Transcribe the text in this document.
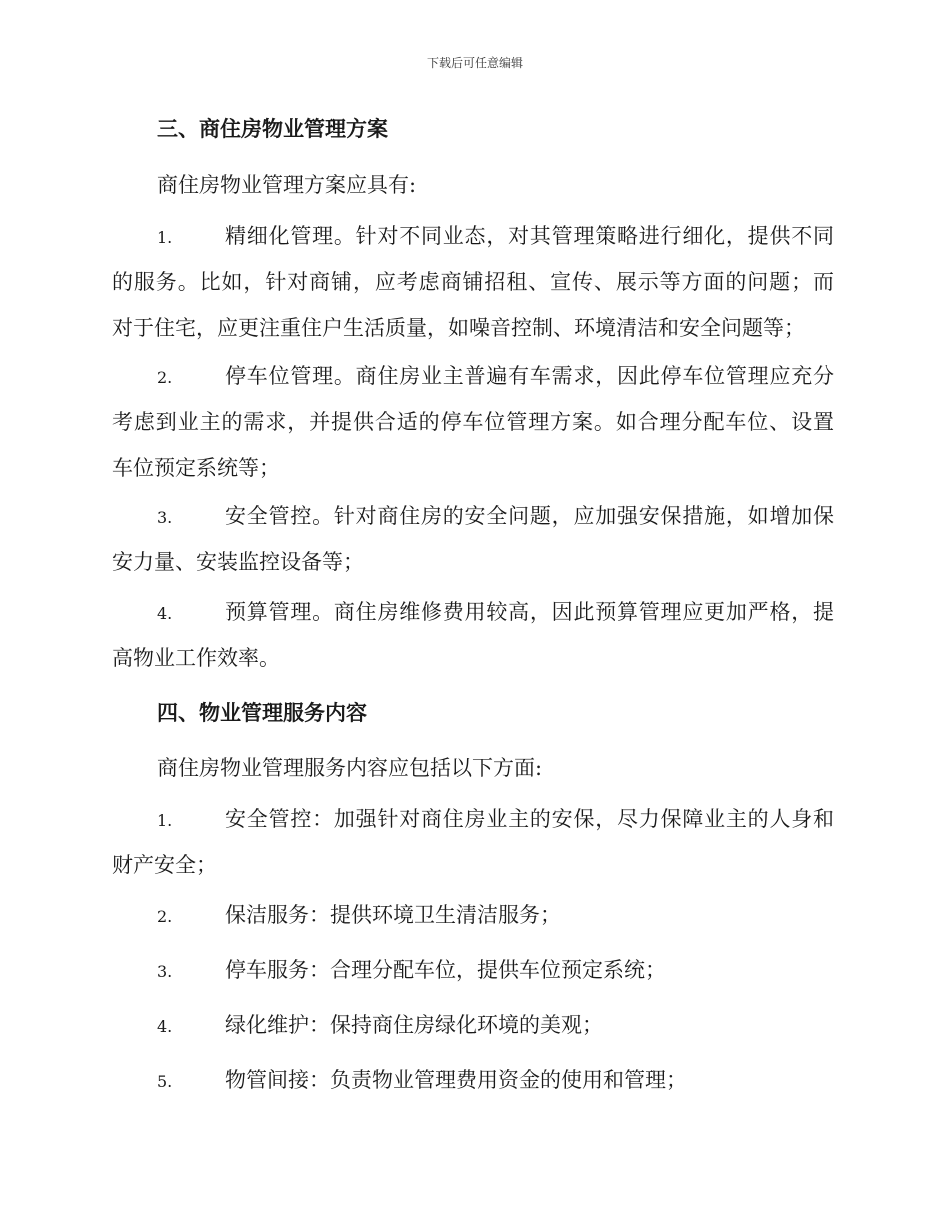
下载后可任意编辑
三、商住房物业管理方案
商住房物业管理方案应具有:
1.	精细化管理。针对不同业态，对其管理策略进行细化，提供不同
的服务。比如，针对商铺，应考虑商铺招租、宣传、展示等方面的问题；而
对于住宅，应更注重住户生活质量，如噪音控制、环境清洁和安全问题等；
2.	停车位管理。商住房业主普遍有车需求，因此停车位管理应充分
考虑到业主的需求，并提供合适的停车位管理方案。如合理分配车位、设置
车位预定系统等；
3.	安全管控。针对商住房的安全问题，应加强安保措施，如增加保
安力量、安装监控设备等；
4.	预算管理。商住房维修费用较高，因此预算管理应更加严格，提
高物业工作效率。
四、物业管理服务内容
商住房物业管理服务内容应包括以下方面:
1.	安全管控：加强针对商住房业主的安保，尽力保障业主的人身和
财产安全；
2.	保洁服务：提供环境卫生清洁服务；
3.	停车服务：合理分配车位，提供车位预定系统；
4.	绿化维护：保持商住房绿化环境的美观；
5.	物管间接：负责物业管理费用资金的使用和管理；
